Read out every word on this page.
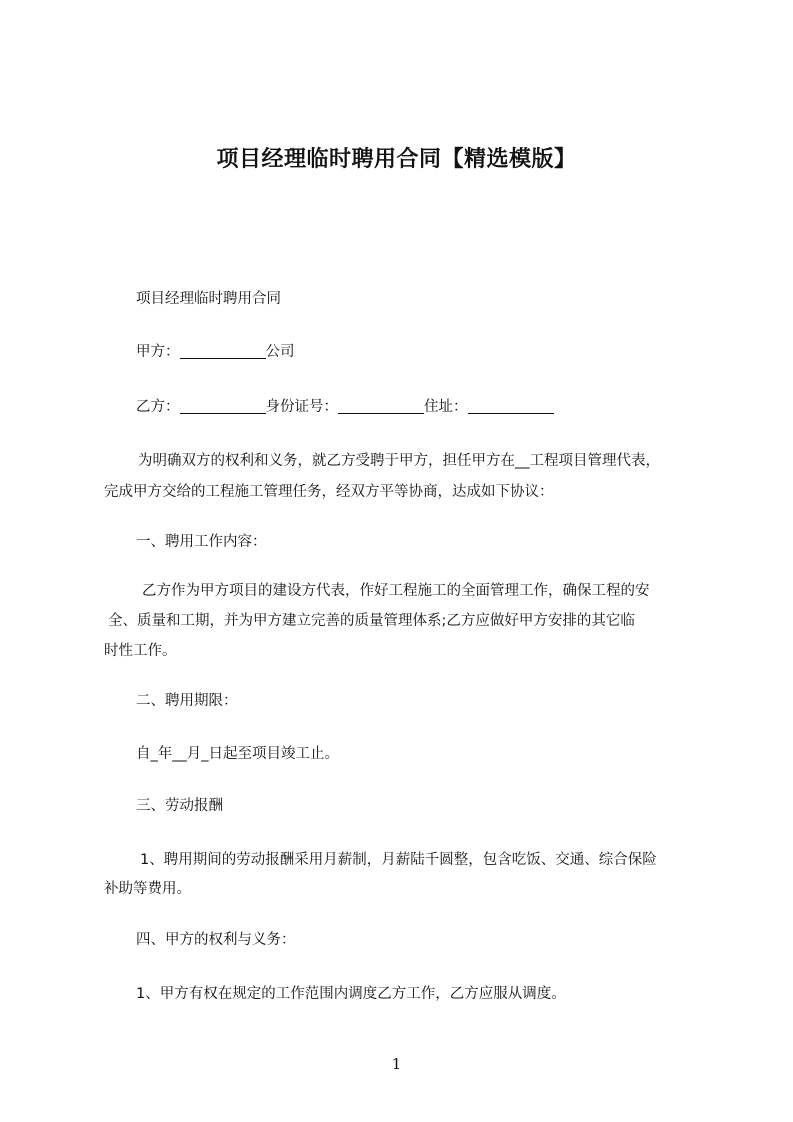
项目经理临时聘用合同【精选模版】

项目经理临时聘用合同

甲方：	公司

乙方：	身份证号：	住址：

为明确双方的权利和义务，就乙方受聘于甲方，担任甲方在__工程项目管理代表，

完成甲方交给的工程施工管理任务，经双方平等协商，达成如下协议：

一、聘用工作内容：

乙方作为甲方项目的建设方代表，作好工程施工的全面管理工作，确保工程的安

全、质量和工期，并为甲方建立完善的质量管理体系;乙方应做好甲方安排的其它临

时性工作。

二、聘用期限：

自_年__月_日起至项目竣工止。

三、劳动报酬

1、聘用期间的劳动报酬采用月薪制，月薪陆千圆整，包含吃饭、交通、综合保险

补助等费用。

四、甲方的权利与义务：

1、甲方有权在规定的工作范围内调度乙方工作，乙方应服从调度。

1
